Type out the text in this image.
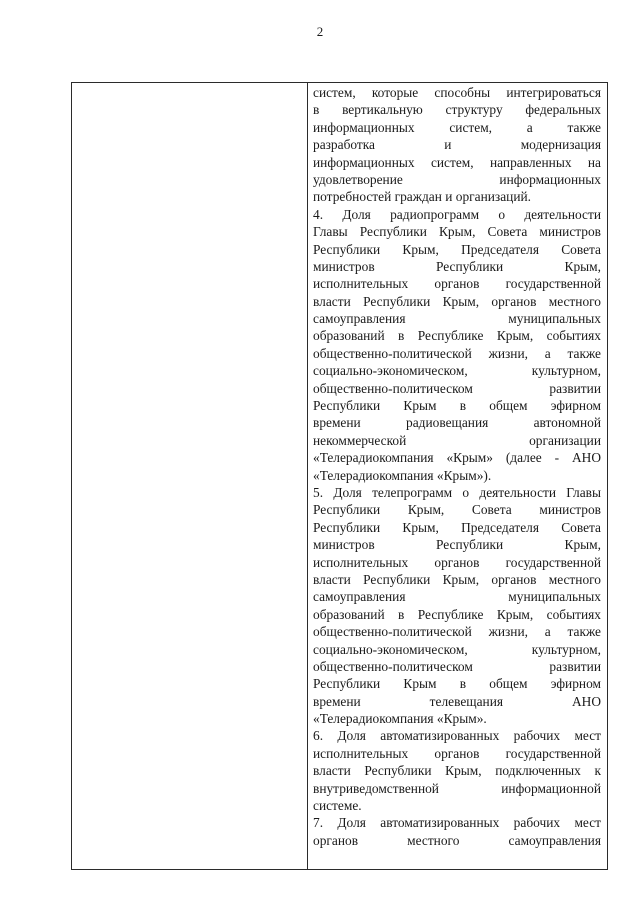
2
систем, которые способны интегрироваться
в вертикальную структуру федеральных
информационных систем, а также
разработка и модернизация
информационных систем, направленных на
удовлетворение информационных
потребностей граждан и организаций.
4. Доля радиопрограмм о деятельности
Главы Республики Крым, Совета министров
Республики Крым, Председателя Совета
министров Республики Крым,
исполнительных органов государственной
власти Республики Крым, органов местного
самоуправления муниципальных
образований в Республике Крым, событиях
общественно-политической жизни, а также
социально-экономическом, культурном,
общественно-политическом развитии
Республики Крым в общем эфирном
времени радиовещания автономной
некоммерческой организации
«Телерадиокомпания «Крым» (далее - АНО
«Телерадиокомпания «Крым»).
5. Доля телепрограмм о деятельности Главы
Республики Крым, Совета министров
Республики Крым, Председателя Совета
министров Республики Крым,
исполнительных органов государственной
власти Республики Крым, органов местного
самоуправления муниципальных
образований в Республике Крым, событиях
общественно-политической жизни, а также
социально-экономическом, культурном,
общественно-политическом развитии
Республики Крым в общем эфирном
времени телевещания АНО
«Телерадиокомпания «Крым».
6. Доля автоматизированных рабочих мест
исполнительных органов государственной
власти Республики Крым, подключенных к
внутриведомственной информационной
системе.
7. Доля автоматизированных рабочих мест
органов местного самоуправления
